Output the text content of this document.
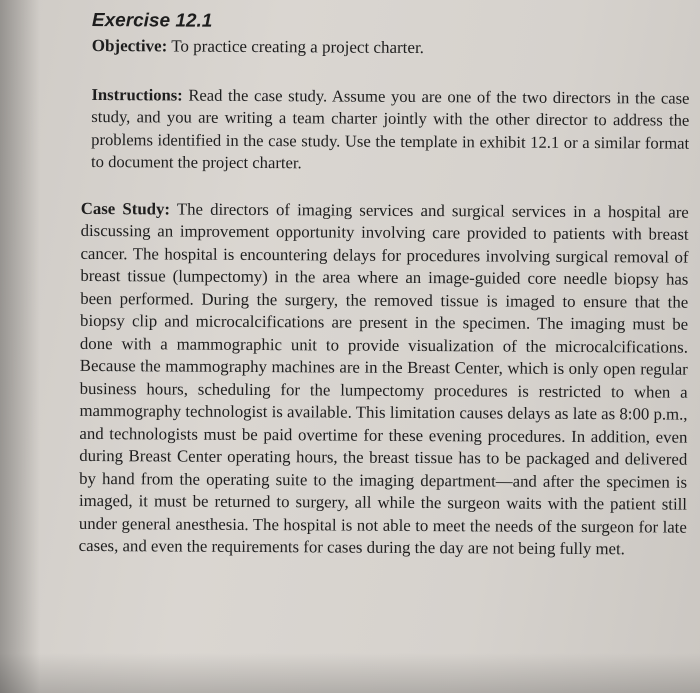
Exercise 12.1

Objective: To practice creating a project charter.

Instructions: Read the case study. Assume you are one of the two directors in the case study, and you are writing a team charter jointly with the other director to address the problems identified in the case study. Use the template in exhibit 12.1 or a similar format to document the project charter.

Case Study: The directors of imaging services and surgical services in a hospital are discussing an improvement opportunity involving care provided to patients with breast cancer. The hospital is encountering delays for procedures involving surgical removal of breast tissue (lumpectomy) in the area where an image-guided core needle biopsy has been performed. During the surgery, the removed tissue is imaged to ensure that the biopsy clip and microcalcifications are present in the specimen. The imaging must be done with a mammographic unit to provide visualization of the microcalcifications. Because the mammography machines are in the Breast Center, which is only open regular business hours, scheduling for the lumpectomy procedures is restricted to when a mammography technologist is available. This limitation causes delays as late as 8:00 p.m., and technologists must be paid overtime for these evening procedures. In addition, even during Breast Center operating hours, the breast tissue has to be packaged and delivered by hand from the operating suite to the imaging department—and after the specimen is imaged, it must be returned to surgery, all while the surgeon waits with the patient still under general anesthesia. The hospital is not able to meet the needs of the surgeon for late cases, and even the requirements for cases during the day are not being fully met.
